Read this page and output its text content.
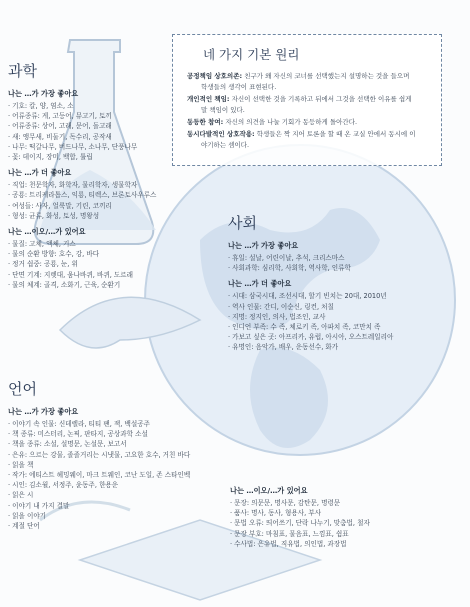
네 가지 기본 원리
공정책임 상호의존: 친구가 왜 자신의 코너를 선택했는지 설명하는 것을 들으며
학생들의 생각이 표현된다.
개인적인 책임: 자신이 선택한 것을 기록하고 뒤에서 그것을 선택한 이유를 쉽게
말 책임이 있다.
동등한 참여: 자신의 의견을 나눌 기회가 동등하게 돌아간다.
동시다발적인 상호작용: 학생들은 짝 지어 토론을 할 때 온 교실 안에서 동시에 이
야기하는 셈이다.
과학
나는 …가 가장 좋아요
· 기호: 칼, 양, 염소, 소
· 어류종류: 게, 고등어, 뮤고기, 토끼
· 어류종류: 상어, 고래, 문어, 돌고래
· 새: 앵무새, 비둘기, 독수리, 공작새
· 나무: 떡갈나무, 버드나무, 소나무, 단풍나무
· 꽃: 데이지, 장미, 백합, 튤립
나는 …가 더 좋아요
· 직업: 천문학자, 화학자, 물리학자, 생물학자
· 공룡: 트리케라톱스, 익룡, 티렉스, 브론토사우루스
· 여성들: 사자, 얼룩말, 기린, 코끼리
· 형성: 균류, 화성, 토성, 명왕성
나는 …이오/…가 있어요
· 물질: 고체, 액체, 기스
· 물의 순환 방향: 호수, 강, 바다
· 정거 쉽중: 공룡, 눈, 위
· 단면 기계: 지렛대, 움나바퀴, 바퀴, 도르래
· 물의 체계: 골격, 소화기, 근육, 순환기
사회
나는 …가 가장 좋아요
· 휴일: 설날, 어린이날, 추석, 크리스마스
· 사회과학: 심리학, 사회학, 역사학, 인류학
나는 …가 더 좋아요
· 시대: 삼국시대, 조선시대, 할기 빈치는 20대, 2010년
· 역사 인물: 간디, 이순신, 링컨, 처칠
· 지명: 정지인, 의사, 법조인, 교사
· 인디언 부족: 수 족, 체로키 족, 아파치 족, 코만치 족
· 가보고 싶은 곳: 아프리카, 유럽, 아시아, 오스트레일리아
· 유명인: 음악가, 배우, 운동선수, 화가
언어
나는 …가 가장 좋아요
· 이야기 속 인물: 신데렐라, 티티 팬, 잭, 백설공주
· 책 종류: 미스터리, 논픽, 판타지, 공상과학 소설
· 책을 종류: 소설, 설명문, 논설문, 보고서
· 은유: 으르는 강물, 졸졸거리는 시냇물, 고요한 호수, 거친 바다
· 읽을 책
· 작가: 에티스트 헤밍웨이, 마크 트웨인, 코난 도일, 존 스타인벡
· 시인: 김소월, 서정주, 윤동주, 한용운
· 읽은 시
· 이야기 내 가지 결말
· 읽을 이야기
· 계절 단어
나는 …이오/…가 있어요
· 문장: 의문문, 명사문, 감탄문, 명령문
· 품사: 명사, 동사, 형용사, 부사
· 문법 오류: 띄어쓰기, 단락 나누기, 맞춤법, 철자
· 문장 부호: 마침표, 물음표, 느낌표, 쉼표
· 수사법: 은유법, 직유법, 의인법, 과장법
